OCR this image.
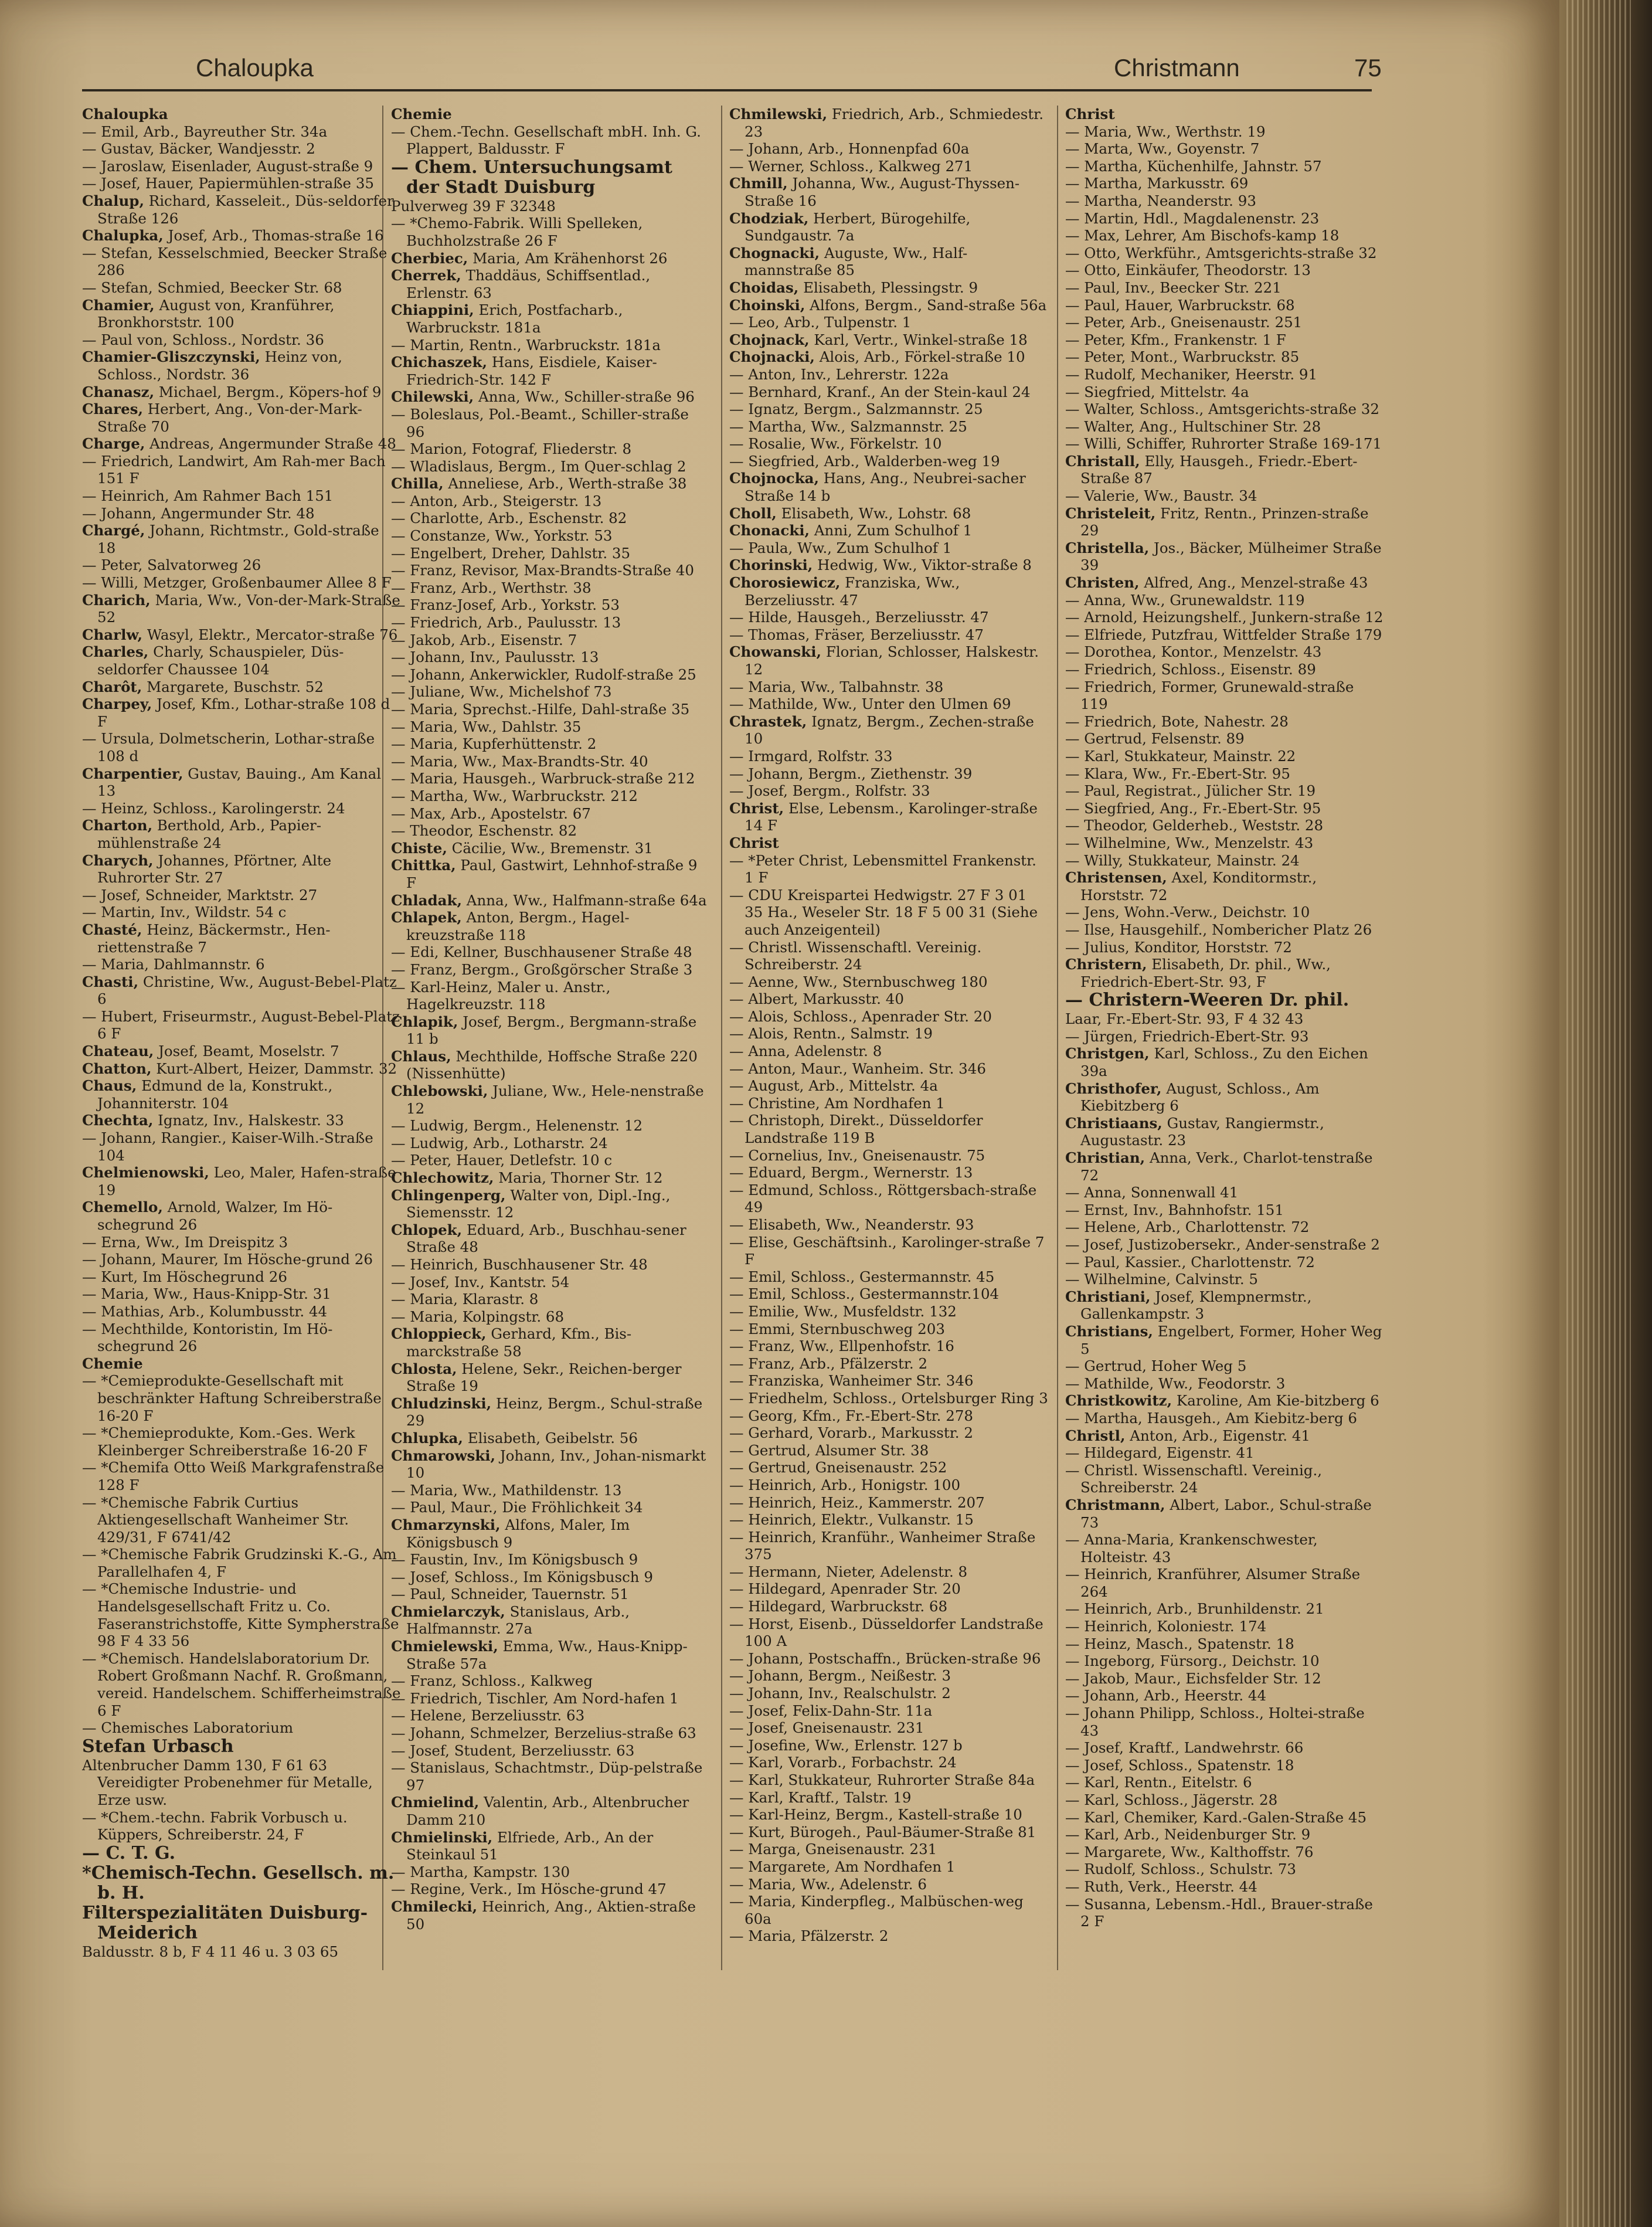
Chaloupka	Christmann	75

Chaloupka

— Emil, Arb., Bayreuther Str. 34a

— Gustav, Bäcker, Wandjesstr. 2

— Jaroslaw, Eisenlader, August-straße 9

— Josef, Hauer, Papiermühlen-straße 35

Chalup, Richard, Kasseleit., Düs-seldorfer Straße 126

Chalupka, Josef, Arb., Thomas-straße 16

— Stefan, Kesselschmied, Beecker Straße 286

— Stefan, Schmied, Beecker Str. 68

Chamier, August von, Kranführer, Bronkhorststr. 100

— Paul von, Schloss., Nordstr. 36

Chamier-Gliszczynski, Heinz von, Schloss., Nordstr. 36

Chanasz, Michael, Bergm., Köpers-hof 9

Chares, Herbert, Ang., Von-der-Mark-Straße 70

Charge, Andreas, Angermunder Straße 48

— Friedrich, Landwirt, Am Rah-mer Bach 151 F

— Heinrich, Am Rahmer Bach 151

— Johann, Angermunder Str. 48

Chargé, Johann, Richtmstr., Gold-straße 18

— Peter, Salvatorweg 26

— Willi, Metzger, Großenbaumer Allee 8 F

Charich, Maria, Ww., Von-der-Mark-Straße 52

Charlw, Wasyl, Elektr., Mercator-straße 76

Charles, Charly, Schauspieler, Düs-seldorfer Chaussee 104

Charôt, Margarete, Buschstr. 52

Charpey, Josef, Kfm., Lothar-straße 108 d F

— Ursula, Dolmetscherin, Lothar-straße 108 d

Charpentier, Gustav, Bauing., Am Kanal 13

— Heinz, Schloss., Karolingerstr. 24

Charton, Berthold, Arb., Papier-mühlenstraße 24

Charych, Johannes, Pförtner, Alte Ruhrorter Str. 27

— Josef, Schneider, Marktstr. 27

— Martin, Inv., Wildstr. 54 c

Chasté, Heinz, Bäckermstr., Hen-riettenstraße 7

— Maria, Dahlmannstr. 6

Chasti, Christine, Ww., August-Bebel-Platz 6

— Hubert, Friseurmstr., August-Bebel-Platz 6 F

Chateau, Josef, Beamt, Moselstr. 7

Chatton, Kurt-Albert, Heizer, Dammstr. 32

Chaus, Edmund de la, Konstrukt., Johanniterstr. 104

Chechta, Ignatz, Inv., Halskestr. 33

— Johann, Rangier., Kaiser-Wilh.-Straße 104

Chelmienowski, Leo, Maler, Hafen-straße 19

Chemello, Arnold, Walzer, Im Hö-schegrund 26

— Erna, Ww., Im Dreispitz 3

— Johann, Maurer, Im Hösche-grund 26

— Kurt, Im Höschegrund 26

— Maria, Ww., Haus-Knipp-Str. 31

— Mathias, Arb., Kolumbusstr. 44

— Mechthilde, Kontoristin, Im Hö-schegrund 26

Chemie

— *Cemieprodukte-Gesellschaft mit beschränkter Haftung Schreiberstraße 16-20 F

— *Chemieprodukte, Kom.-Ges. Werk Kleinberger Schreiberstraße 16-20 F

— *Chemifa Otto Weiß Markgrafenstraße 128 F

— *Chemische Fabrik Curtius Aktiengesellschaft Wanheimer Str. 429/31, F 6741/42

— *Chemische Fabrik Grudzinski K.-G., Am Parallelhafen 4, F

— *Chemische Industrie- und Handelsgesellschaft Fritz u. Co. Faseranstrichstoffe, Kitte Sympherstraße 98 F 4 33 56

— *Chemisch. Handelslaboratorium Dr. Robert Großmann Nachf. R. Großmann, vereid. Handelschem. Schifferheimstraße 6 F

— Chemisches Laboratorium

Stefan Urbasch

Altenbrucher Damm 130, F 61 63 Vereidigter Probenehmer für Metalle, Erze usw.

— *Chem.-techn. Fabrik Vorbusch u. Küppers, Schreiberstr. 24, F

— C. T. G.

*Chemisch-Techn. Gesellsch. m. b. H.

Filterspezialitäten Duisburg-Meiderich

Baldusstr. 8 b, F 4 11 46 u. 3 03 65

Chemie

— Chem.-Techn. Gesellschaft mbH. Inh. G. Plappert, Baldusstr. F

— Chem. Untersuchungsamt der Stadt Duisburg

Pulverweg 39 F 32348

— *Chemo-Fabrik. Willi Spelleken, Buchholzstraße 26 F

Cherbiec, Maria, Am Krähenhorst 26

Cherrek, Thaddäus, Schiffsentlad., Erlenstr. 63

Chiappini, Erich, Postfacharb., Warbruckstr. 181a

— Martin, Rentn., Warbruckstr. 181a

Chichaszek, Hans, Eisdiele, Kaiser-Friedrich-Str. 142 F

Chilewski, Anna, Ww., Schiller-straße 96

— Boleslaus, Pol.-Beamt., Schiller-straße 96

— Marion, Fotograf, Fliederstr. 8

— Wladislaus, Bergm., Im Quer-schlag 2

Chilla, Anneliese, Arb., Werth-straße 38

— Anton, Arb., Steigerstr. 13

— Charlotte, Arb., Eschenstr. 82

— Constanze, Ww., Yorkstr. 53

— Engelbert, Dreher, Dahlstr. 35

— Franz, Revisor, Max-Brandts-Straße 40

— Franz, Arb., Werthstr. 38

— Franz-Josef, Arb., Yorkstr. 53

— Friedrich, Arb., Paulusstr. 13

— Jakob, Arb., Eisenstr. 7

— Johann, Inv., Paulusstr. 13

— Johann, Ankerwickler, Rudolf-straße 25

— Juliane, Ww., Michelshof 73

— Maria, Sprechst.-Hilfe, Dahl-straße 35

— Maria, Ww., Dahlstr. 35

— Maria, Kupferhüttenstr. 2

— Maria, Ww., Max-Brandts-Str. 40

— Maria, Hausgeh., Warbruck-straße 212

— Martha, Ww., Warbruckstr. 212

— Max, Arb., Apostelstr. 67

— Theodor, Eschenstr. 82

Chiste, Cäcilie, Ww., Bremenstr. 31

Chittka, Paul, Gastwirt, Lehnhof-straße 9 F

Chladak, Anna, Ww., Halfmann-straße 64a

Chlapek, Anton, Bergm., Hagel-kreuzstraße 118

— Edi, Kellner, Buschhausener Straße 48

— Franz, Bergm., Großgörscher Straße 3

— Karl-Heinz, Maler u. Anstr., Hagelkreuzstr. 118

Chlapik, Josef, Bergm., Bergmann-straße 11 b

Chlaus, Mechthilde, Hoffsche Straße 220 (Nissenhütte)

Chlebowski, Juliane, Ww., Hele-nenstraße 12

— Ludwig, Bergm., Helenenstr. 12

— Ludwig, Arb., Lotharstr. 24

— Peter, Hauer, Detlefstr. 10 c

Chlechowitz, Maria, Thorner Str. 12

Chlingenperg, Walter von, Dipl.-Ing., Siemensstr. 12

Chlopek, Eduard, Arb., Buschhau-sener Straße 48

— Heinrich, Buschhausener Str. 48

— Josef, Inv., Kantstr. 54

— Maria, Klarastr. 8

— Maria, Kolpingstr. 68

Chloppieck, Gerhard, Kfm., Bis-marckstraße 58

Chlosta, Helene, Sekr., Reichen-berger Straße 19

Chludzinski, Heinz, Bergm., Schul-straße 29

Chlupka, Elisabeth, Geibelstr. 56

Chmarowski, Johann, Inv., Johan-nismarkt 10

— Maria, Ww., Mathildenstr. 13

— Paul, Maur., Die Fröhlichkeit 34

Chmarzynski, Alfons, Maler, Im Königsbusch 9

— Faustin, Inv., Im Königsbusch 9

— Josef, Schloss., Im Königsbusch 9

— Paul, Schneider, Tauernstr. 51

Chmielarczyk, Stanislaus, Arb., Halfmannstr. 27a

Chmielewski, Emma, Ww., Haus-Knipp-Straße 57a

— Franz, Schloss., Kalkweg

— Friedrich, Tischler, Am Nord-hafen 1

— Helene, Berzeliusstr. 63

— Johann, Schmelzer, Berzelius-straße 63

— Josef, Student, Berzeliusstr. 63

— Stanislaus, Schachtmstr., Düp-pelstraße 97

Chmielind, Valentin, Arb., Altenbrucher Damm 210

Chmielinski, Elfriede, Arb., An der Steinkaul 51

— Martha, Kampstr. 130

— Regine, Verk., Im Hösche-grund 47

Chmilecki, Heinrich, Ang., Aktien-straße 50

Chmilewski, Friedrich, Arb., Schmiedestr. 23

— Johann, Arb., Honnenpfad 60a

— Werner, Schloss., Kalkweg 271

Chmill, Johanna, Ww., August-Thyssen-Straße 16

Chodziak, Herbert, Bürogehilfe, Sundgaustr. 7a

Chognacki, Auguste, Ww., Half-mannstraße 85

Choidas, Elisabeth, Plessingstr. 9

Choinski, Alfons, Bergm., Sand-straße 56a

— Leo, Arb., Tulpenstr. 1

Chojnack, Karl, Vertr., Winkel-straße 18

Chojnacki, Alois, Arb., Förkel-straße 10

— Anton, Inv., Lehrerstr. 122a

— Bernhard, Kranf., An der Stein-kaul 24

— Ignatz, Bergm., Salzmannstr. 25

— Martha, Ww., Salzmannstr. 25

— Rosalie, Ww., Förkelstr. 10

— Siegfried, Arb., Walderben-weg 19

Chojnocka, Hans, Ang., Neubrei-sacher Straße 14 b

Choll, Elisabeth, Ww., Lohstr. 68

Chonacki, Anni, Zum Schulhof 1

— Paula, Ww., Zum Schulhof 1

Chorinski, Hedwig, Ww., Viktor-straße 8

Chorosiewicz, Franziska, Ww., Berzeliusstr. 47

— Hilde, Hausgeh., Berzeliusstr. 47

— Thomas, Fräser, Berzeliusstr. 47

Chowanski, Florian, Schlosser, Halskestr. 12

— Maria, Ww., Talbahnstr. 38

— Mathilde, Ww., Unter den Ulmen 69

Chrastek, Ignatz, Bergm., Zechen-straße 10

— Irmgard, Rolfstr. 33

— Johann, Bergm., Ziethenstr. 39

— Josef, Bergm., Rolfstr. 33

Christ, Else, Lebensm., Karolinger-straße 14 F

Christ

— *Peter Christ, Lebensmittel Frankenstr. 1 F

— CDU Kreispartei Hedwigstr. 27 F 3 01 35 Ha., Weseler Str. 18 F 5 00 31 (Siehe auch Anzeigenteil)

— Christl. Wissenschaftl. Vereinig. Schreiberstr. 24

— Aenne, Ww., Sternbuschweg 180

— Albert, Markusstr. 40

— Alois, Schloss., Apenrader Str. 20

— Alois, Rentn., Salmstr. 19

— Anna, Adelenstr. 8

— Anton, Maur., Wanheim. Str. 346

— August, Arb., Mittelstr. 4a

— Christine, Am Nordhafen 1

— Christoph, Direkt., Düsseldorfer Landstraße 119 B

— Cornelius, Inv., Gneisenaustr. 75

— Eduard, Bergm., Wernerstr. 13

— Edmund, Schloss., Röttgersbach-straße 49

— Elisabeth, Ww., Neanderstr. 93

— Elise, Geschäftsinh., Karolinger-straße 7 F

— Emil, Schloss., Gestermannstr. 45

— Emil, Schloss., Gestermannstr.104

— Emilie, Ww., Musfeldstr. 132

— Emmi, Sternbuschweg 203

— Franz, Ww., Ellpenhofstr. 16

— Franz, Arb., Pfälzerstr. 2

— Franziska, Wanheimer Str. 346

— Friedhelm, Schloss., Ortelsburger Ring 3

— Georg, Kfm., Fr.-Ebert-Str. 278

— Gerhard, Vorarb., Markusstr. 2

— Gertrud, Alsumer Str. 38

— Gertrud, Gneisenaustr. 252

— Heinrich, Arb., Honigstr. 100

— Heinrich, Heiz., Kammerstr. 207

— Heinrich, Elektr., Vulkanstr. 15

— Heinrich, Kranführ., Wanheimer Straße 375

— Hermann, Nieter, Adelenstr. 8

— Hildegard, Apenrader Str. 20

— Hildegard, Warbruckstr. 68

— Horst, Eisenb., Düsseldorfer Landstraße 100 A

— Johann, Postschaffn., Brücken-straße 96

— Johann, Bergm., Neißestr. 3

— Johann, Inv., Realschulstr. 2

— Josef, Felix-Dahn-Str. 11a

— Josef, Gneisenaustr. 231

— Josefine, Ww., Erlenstr. 127 b

— Karl, Vorarb., Forbachstr. 24

— Karl, Stukkateur, Ruhrorter Straße 84a

— Karl, Kraftf., Talstr. 19

— Karl-Heinz, Bergm., Kastell-straße 10

— Kurt, Bürogeh., Paul-Bäumer-Straße 81

— Marga, Gneisenaustr. 231

— Margarete, Am Nordhafen 1

— Maria, Ww., Adelenstr. 6

— Maria, Kinderpfleg., Malbüschen-weg 60a

— Maria, Pfälzerstr. 2

Christ

— Maria, Ww., Werthstr. 19

— Marta, Ww., Goyenstr. 7

— Martha, Küchenhilfe, Jahnstr. 57

— Martha, Markusstr. 69

— Martha, Neanderstr. 93

— Martin, Hdl., Magdalenenstr. 23

— Max, Lehrer, Am Bischofs-kamp 18

— Otto, Werkführ., Amtsgerichts-straße 32

— Otto, Einkäufer, Theodorstr. 13

— Paul, Inv., Beecker Str. 221

— Paul, Hauer, Warbruckstr. 68

— Peter, Arb., Gneisenaustr. 251

— Peter, Kfm., Frankenstr. 1 F

— Peter, Mont., Warbruckstr. 85

— Rudolf, Mechaniker, Heerstr. 91

— Siegfried, Mittelstr. 4a

— Walter, Schloss., Amtsgerichts-straße 32

— Walter, Ang., Hultschiner Str. 28

— Willi, Schiffer, Ruhrorter Straße 169-171

Christall, Elly, Hausgeh., Friedr.-Ebert-Straße 87

— Valerie, Ww., Baustr. 34

Christeleit, Fritz, Rentn., Prinzen-straße 29

Christella, Jos., Bäcker, Mülheimer Straße 39

Christen, Alfred, Ang., Menzel-straße 43

— Anna, Ww., Grunewaldstr. 119

— Arnold, Heizungshelf., Junkern-straße 12

— Elfriede, Putzfrau, Wittfelder Straße 179

— Dorothea, Kontor., Menzelstr. 43

— Friedrich, Schloss., Eisenstr. 89

— Friedrich, Former, Grunewald-straße 119

— Friedrich, Bote, Nahestr. 28

— Gertrud, Felsenstr. 89

— Karl, Stukkateur, Mainstr. 22

— Klara, Ww., Fr.-Ebert-Str. 95

— Paul, Registrat., Jülicher Str. 19

— Siegfried, Ang., Fr.-Ebert-Str. 95

— Theodor, Gelderheb., Weststr. 28

— Wilhelmine, Ww., Menzelstr. 43

— Willy, Stukkateur, Mainstr. 24

Christensen, Axel, Konditormstr., Horststr. 72

— Jens, Wohn.-Verw., Deichstr. 10

— Ilse, Hausgehilf., Nombericher Platz 26

— Julius, Konditor, Horststr. 72

Christern, Elisabeth, Dr. phil., Ww., Friedrich-Ebert-Str. 93, F

— Christern-Weeren Dr. phil.

Laar, Fr.-Ebert-Str. 93, F 4 32 43

— Jürgen, Friedrich-Ebert-Str. 93

Christgen, Karl, Schloss., Zu den Eichen 39a

Christhofer, August, Schloss., Am Kiebitzberg 6

Christiaans, Gustav, Rangiermstr., Augustastr. 23

Christian, Anna, Verk., Charlot-tenstraße 72

— Anna, Sonnenwall 41

— Ernst, Inv., Bahnhofstr. 151

— Helene, Arb., Charlottenstr. 72

— Josef, Justizobersekr., Ander-senstraße 2

— Paul, Kassier., Charlottenstr. 72

— Wilhelmine, Calvinstr. 5

Christiani, Josef, Klempnermstr., Gallenkampstr. 3

Christians, Engelbert, Former, Hoher Weg 5

— Gertrud, Hoher Weg 5

— Mathilde, Ww., Feodorstr. 3

Christkowitz, Karoline, Am Kie-bitzberg 6

— Martha, Hausgeh., Am Kiebitz-berg 6

Christl, Anton, Arb., Eigenstr. 41

— Hildegard, Eigenstr. 41

— Christl. Wissenschaftl. Vereinig., Schreiberstr. 24

Christmann, Albert, Labor., Schul-straße 73

— Anna-Maria, Krankenschwester, Holteistr. 43

— Heinrich, Kranführer, Alsumer Straße 264

— Heinrich, Arb., Brunhildenstr. 21

— Heinrich, Koloniestr. 174

— Heinz, Masch., Spatenstr. 18

— Ingeborg, Fürsorg., Deichstr. 10

— Jakob, Maur., Eichsfelder Str. 12

— Johann, Arb., Heerstr. 44

— Johann Philipp, Schloss., Holtei-straße 43

— Josef, Kraftf., Landwehrstr. 66

— Josef, Schloss., Spatenstr. 18

— Karl, Rentn., Eitelstr. 6

— Karl, Schloss., Jägerstr. 28

— Karl, Chemiker, Kard.-Galen-Straße 45

— Karl, Arb., Neidenburger Str. 9

— Margarete, Ww., Kalthoffstr. 76

— Rudolf, Schloss., Schulstr. 73

— Ruth, Verk., Heerstr. 44

— Susanna, Lebensm.-Hdl., Brauer-straße 2 F
